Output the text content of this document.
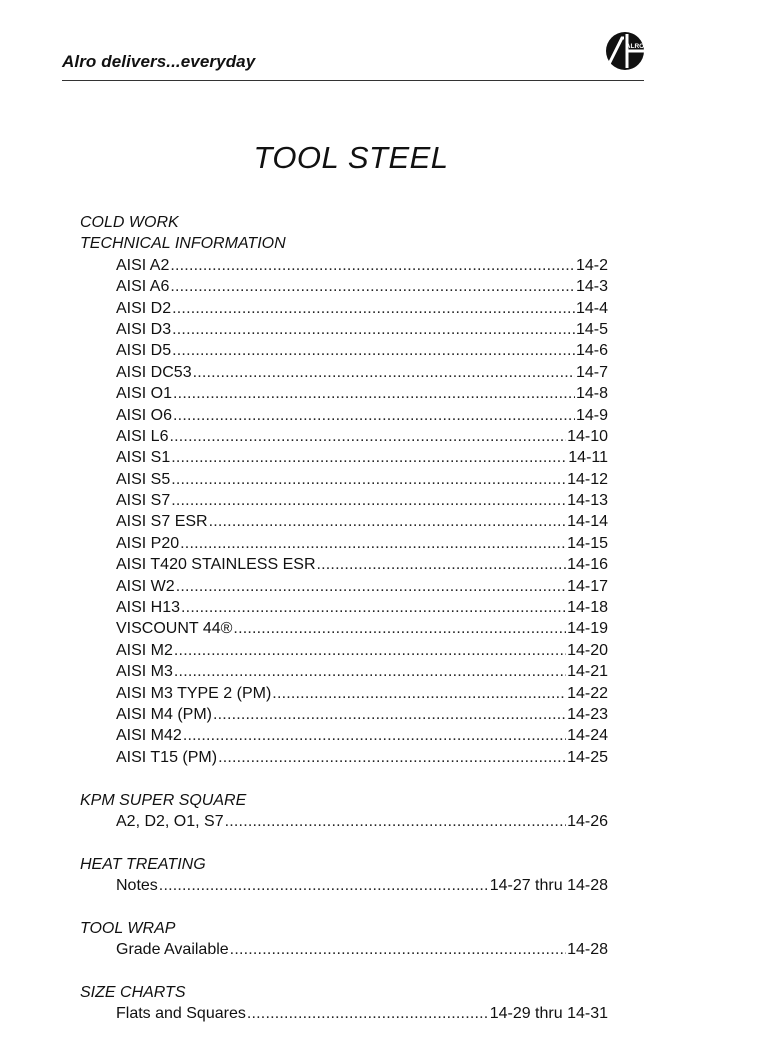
Alro delivers...everyday
ALRO
TOOL STEEL
COLD WORK
TECHNICAL INFORMATION
AISI A2 .....	14-2
AISI A6 .....	14-3
AISI D2 .....	14-4
AISI D3 .....	14-5
AISI D5 .....	14-6
AISI DC53 .....	14-7
AISI O1 .....	14-8
AISI O6 .....	14-9
AISI L6 .....	14-10
AISI S1 .....	14-11
AISI S5 .....	14-12
AISI S7 .....	14-13
AISI S7 ESR .....	14-14
AISI P20 .....	14-15
AISI T420 STAINLESS ESR .....	14-16
AISI W2 .....	14-17
AISI H13 .....	14-18
VISCOUNT 44® .....	14-19
AISI M2 .....	14-20
AISI M3 .....	14-21
AISI M3 TYPE 2 (PM) .....	14-22
AISI M4 (PM) .....	14-23
AISI M42 .....	14-24
AISI T15 (PM) .....	14-25
KPM SUPER SQUARE
A2, D2, O1, S7 .....	14-26
HEAT TREATING
Notes .....	14-27 thru 14-28
TOOL WRAP
Grade Available .....	14-28
SIZE CHARTS
Flats and Squares .....	14-29 thru 14-31
